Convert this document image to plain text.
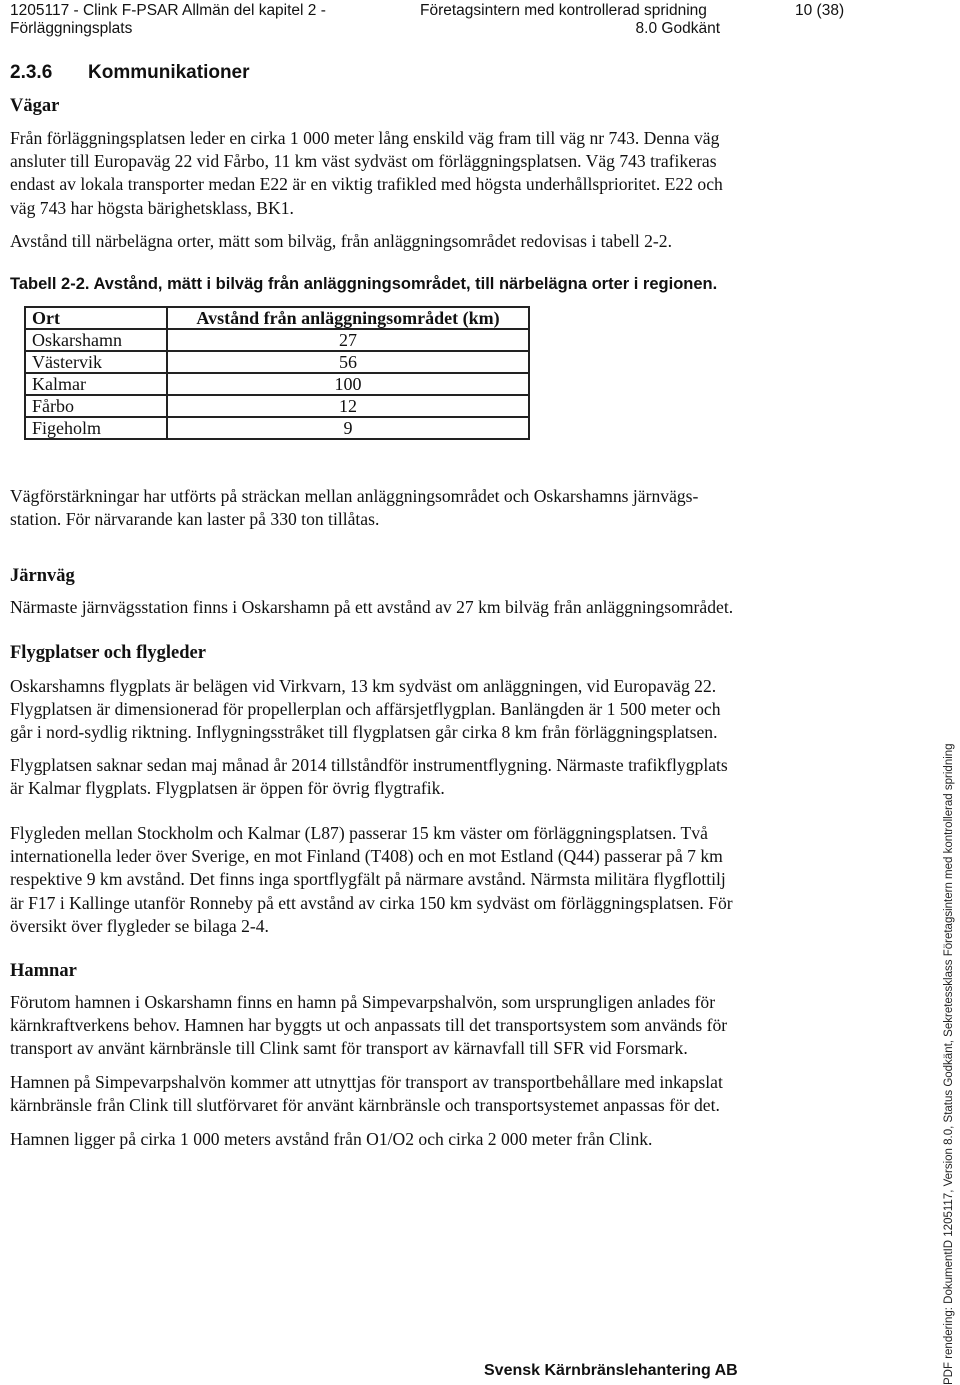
1205117 - Clink F-PSAR Allmän del kapitel 2 -
Förläggningsplats
Företagsintern med kontrollerad spridning
8.0 Godkänt
10 (38)
2.3.6 Kommunikationer
Vägar
Från förläggningsplatsen leder en cirka 1 000 meter lång enskild väg fram till väg nr 743. Denna väg
ansluter till Europaväg 22 vid Fårbo, 11 km väst sydväst om förläggningsplatsen. Väg 743 trafikeras
endast av lokala transporter medan E22 är en viktig trafikled med högsta underhållsprioritet. E22 och
väg 743 har högsta bärighetsklass, BK1.
Avstånd till närbelägna orter, mätt som bilväg, från anläggningsområdet redovisas i tabell 2-2.
Tabell 2-2. Avstånd, mätt i bilväg från anläggningsområdet, till närbelägna orter i regionen.
Ort	Avstånd från anläggningsområdet (km)
Oskarshamn	27
Västervik	56
Kalmar	100
Fårbo	12
Figeholm	9
Vägförstärkningar har utförts på sträckan mellan anläggningsområdet och Oskarshamns järnvägs-
station. För närvarande kan laster på 330 ton tillåtas.
Järnväg
Närmaste järnvägsstation finns i Oskarshamn på ett avstånd av 27 km bilväg från anläggningsområdet.
Flygplatser och flygleder
Oskarshamns flygplats är belägen vid Virkvarn, 13 km sydväst om anläggningen, vid Europaväg 22.
Flygplatsen är dimensionerad för propellerplan och affärsjetflygplan. Banlängden är 1 500 meter och
går i nord-sydlig riktning. Inflygningsstråket till flygplatsen går cirka 8 km från förläggningsplatsen.
Flygplatsen saknar sedan maj månad år 2014 tillståndför instrumentflygning. Närmaste trafikflygplats
är Kalmar flygplats. Flygplatsen är öppen för övrig flygtrafik.
Flygleden mellan Stockholm och Kalmar (L87) passerar 15 km väster om förläggningsplatsen. Två
internationella leder över Sverige, en mot Finland (T408) och en mot Estland (Q44) passerar på 7 km
respektive 9 km avstånd. Det finns inga sportflygfält på närmare avstånd. Närmsta militära flygflottilj
är F17 i Kallinge utanför Ronneby på ett avstånd av cirka 150 km sydväst om förläggningsplatsen. För
översikt över flygleder se bilaga 2-4.
Hamnar
Förutom hamnen i Oskarshamn finns en hamn på Simpevarpshalvön, som ursprungligen anlades för
kärnkraftverkens behov. Hamnen har byggts ut och anpassats till det transportsystem som används för
transport av använt kärnbränsle till Clink samt för transport av kärnavfall till SFR vid Forsmark.
Hamnen på Simpevarpshalvön kommer att utnyttjas för transport av transportbehållare med inkapslat
kärnbränsle från Clink till slutförvaret för använt kärnbränsle och transportsystemet anpassas för det.
Hamnen ligger på cirka 1 000 meters avstånd från O1/O2 och cirka 2 000 meter från Clink.	PDF rendering: DokumentID 1205117, Version 8.0, Status Godkänt, Sekretessklass Företagsintern med kontrollerad spridning
Svensk Kärnbränslehantering AB
